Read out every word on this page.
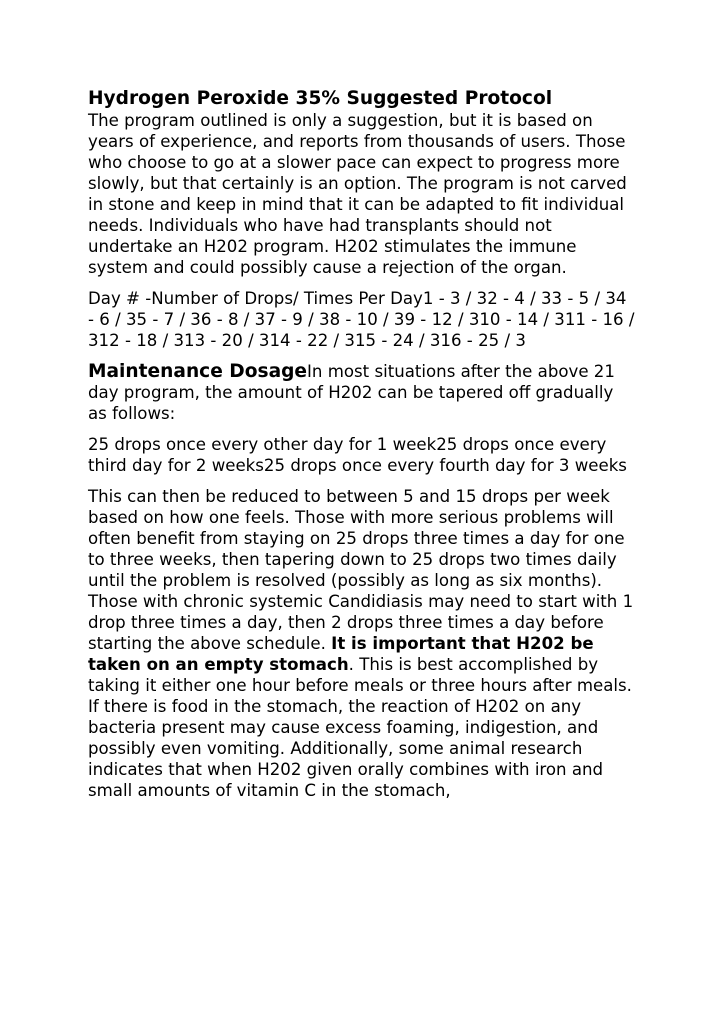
Hydrogen Peroxide 35% Suggested Protocol
The program outlined is only a suggestion, but it is based on years of experience, and reports from thousands of users. Those who choose to go at a slower pace can expect to progress more slowly, but that certainly is an option. The program is not carved in stone and keep in mind that it can be adapted to fit individual needs. Individuals who have had transplants should not undertake an H202 program. H202 stimulates the immune system and could possibly cause a rejection of the organ.

Day # -Number of Drops/ Times Per Day1 - 3 / 32 - 4 / 33 - 5 / 34 - 6 / 35 - 7 / 36 - 8 / 37 - 9 / 38 - 10 / 39 - 12 / 310 - 14 / 311 - 16 / 312 - 18 / 313 - 20 / 314 - 22 / 315 - 24 / 316 - 25 / 3

Maintenance DosageIn most situations after the above 21 day program, the amount of H202 can be tapered off gradually as follows:

25 drops once every other day for 1 week25 drops once every third day for 2 weeks25 drops once every fourth day for 3 weeks

This can then be reduced to between 5 and 15 drops per week based on how one feels. Those with more serious problems will often benefit from staying on 25 drops three times a day for one to three weeks, then tapering down to 25 drops two times daily until the problem is resolved (possibly as long as six months). Those with chronic systemic Candidiasis may need to start with 1 drop three times a day, then 2 drops three times a day before starting the above schedule. It is important that H202 be taken on an empty stomach. This is best accomplished by taking it either one hour before meals or three hours after meals. If there is food in the stomach, the reaction of H202 on any bacteria present may cause excess foaming, indigestion, and possibly even vomiting. Additionally, some animal research indicates that when H202 given orally combines with iron and small amounts of vitamin C in the stomach,
